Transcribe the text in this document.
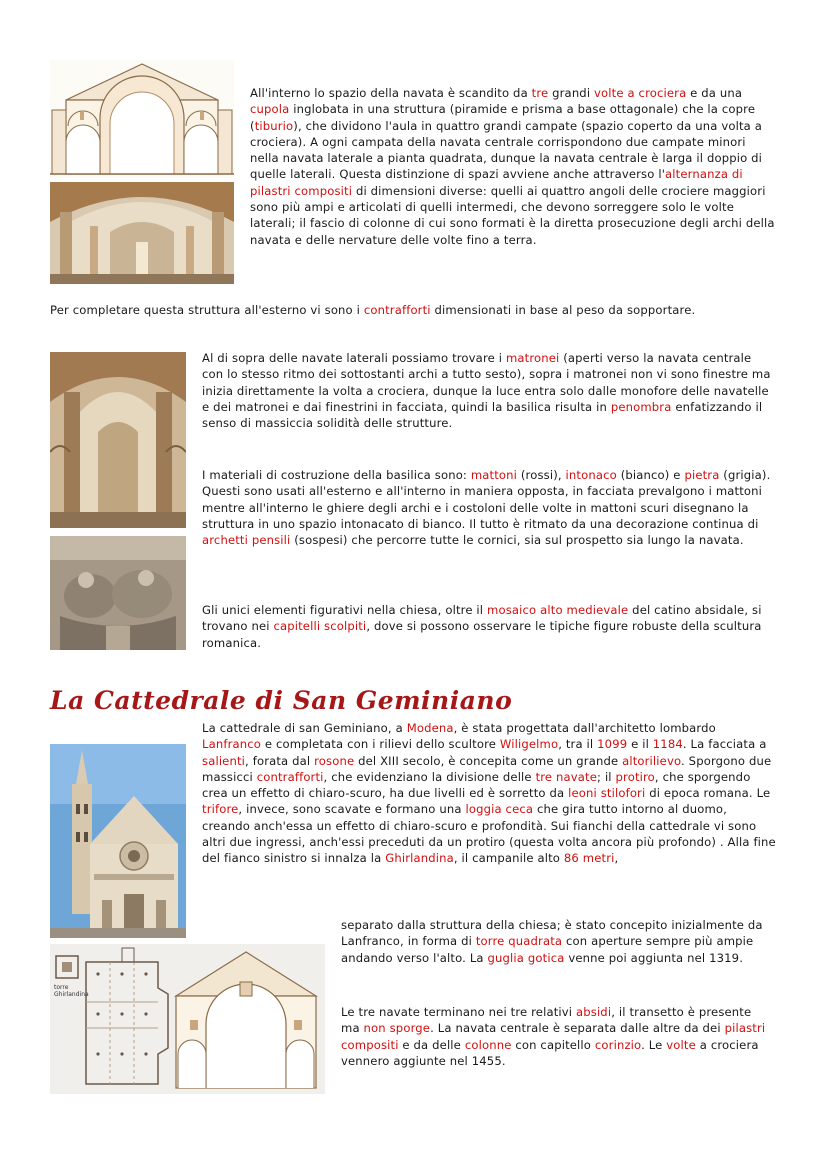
All'interno lo spazio della navata è scandito da tre grandi volte a crociera e da una cupola inglobata in una struttura (piramide e prisma a base ottagonale) che la copre (tiburio), che dividono l'aula in quattro grandi campate (spazio coperto da una volta a crociera). A ogni campata della navata centrale corrispondono due campate minori nella navata laterale a pianta quadrata, dunque la navata centrale è larga il doppio di quelle laterali. Questa distinzione di spazi avviene anche attraverso l'alternanza di pilastri compositi di dimensioni diverse: quelli ai quattro angoli delle crociere maggiori sono più ampi e articolati di quelli intermedi, che devono sorreggere solo le volte laterali; il fascio di colonne di cui sono formati è la diretta prosecuzione degli archi della navata e delle nervature delle volte fino a terra.

Per completare questa struttura all'esterno vi sono i contrafforti dimensionati in base al peso da sopportare.

Al di sopra delle navate laterali possiamo trovare i matronei (aperti verso la navata centrale con lo stesso ritmo dei sottostanti archi a tutto sesto), sopra i matronei non vi sono finestre ma inizia direttamente la volta a crociera, dunque la luce entra solo dalle monofore delle navatelle e dei matronei e dai finestrini in facciata, quindi la basilica risulta in penombra enfatizzando il senso di massiccia solidità delle strutture.

I materiali di costruzione della basilica sono: mattoni (rossi), intonaco (bianco) e pietra (grigia). Questi sono usati all'esterno e all'interno in maniera opposta, in facciata prevalgono i mattoni mentre all'interno le ghiere degli archi e i costoloni delle volte in mattoni scuri disegnano la struttura in uno spazio intonacato di bianco. Il tutto è ritmato da una decorazione continua di archetti pensili (sospesi) che percorre tutte le cornici, sia sul prospetto sia lungo la navata.

Gli unici elementi figurativi nella chiesa, oltre il mosaico alto medievale del catino absidale, si trovano nei capitelli scolpiti, dove si possono osservare le tipiche figure robuste della scultura romanica.

La Cattedrale di San Geminiano

La cattedrale di san Geminiano, a Modena, è stata progettata dall'architetto lombardo Lanfranco e completata con i rilievi dello scultore Wiligelmo, tra il 1099 e il 1184. La facciata a salienti, forata dal rosone del XIII secolo, è concepita come un grande altorilievo. Sporgono due massicci contrafforti, che evidenziano la divisione delle tre navate; il protiro, che sporgendo crea un effetto di chiaro-scuro, ha due livelli ed è sorretto da leoni stilofori di epoca romana. Le trifore, invece, sono scavate e formano una loggia ceca che gira tutto intorno al duomo, creando anch'essa un effetto di chiaro-scuro e profondità. Sui fianchi della cattedrale vi sono altri due ingressi, anch'essi preceduti da un protiro (questa volta ancora più profondo) . Alla fine del fianco sinistro si innalza la Ghirlandina, il campanile alto 86 metri,

torre Ghirlandina

separato dalla struttura della chiesa; è stato concepito inizialmente da Lanfranco, in forma di torre quadrata con aperture sempre più ampie andando verso l'alto. La guglia gotica venne poi aggiunta nel 1319.

Le tre navate terminano nei tre relativi absidi, il transetto è presente ma non sporge. La navata centrale è separata dalle altre da dei pilastri compositi e da delle colonne con capitello corinzio. Le volte a crociera vennero aggiunte nel 1455.
